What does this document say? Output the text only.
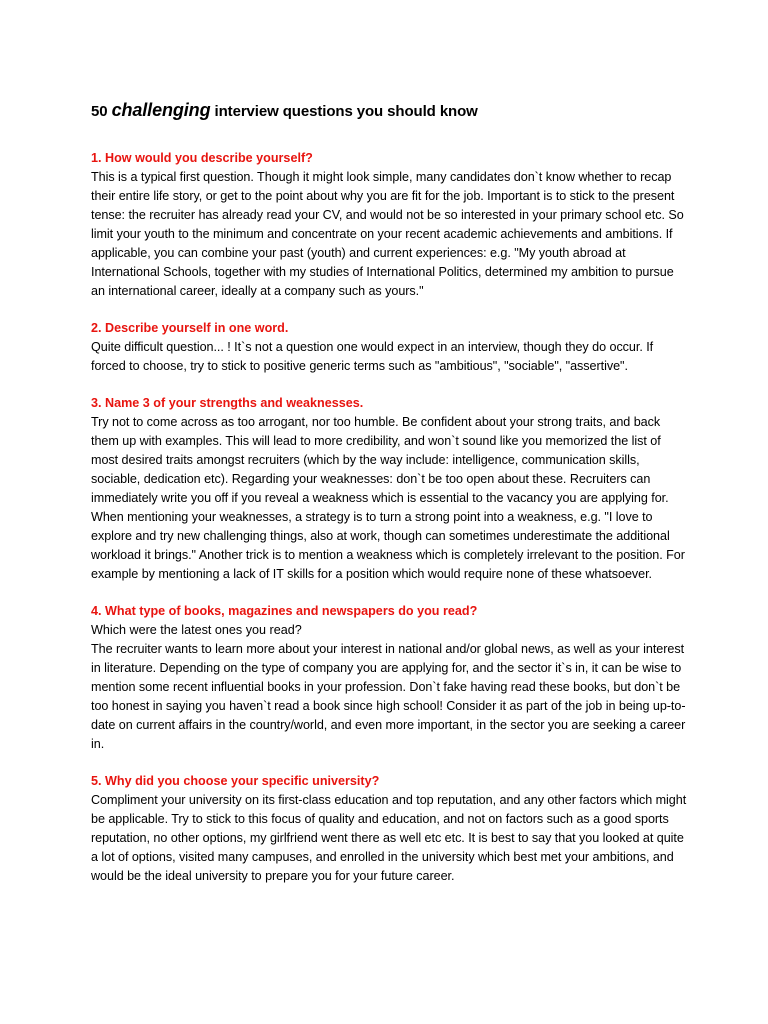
50 challenging interview questions you should know

1. How would you describe yourself?

This is a typical first question. Though it might look simple, many candidates don`t know whether to recap their entire life story, or get to the point about why you are fit for the job. Important is to stick to the present tense: the recruiter has already read your CV, and would not be so interested in your primary school etc. So limit your youth to the minimum and concentrate on your recent academic achievements and ambitions. If applicable, you can combine your past (youth) and current experiences: e.g. "My youth abroad at International Schools, together with my studies of International Politics, determined my ambition to pursue an international career, ideally at a company such as yours."

2. Describe yourself in one word.

Quite difficult question... ! It`s not a question one would expect in an interview, though they do occur. If forced to choose, try to stick to positive generic terms such as "ambitious", "sociable", "assertive".

3. Name 3 of your strengths and weaknesses.

Try not to come across as too arrogant, nor too humble. Be confident about your strong traits, and back them up with examples. This will lead to more credibility, and won`t sound like you memorized the list of most desired traits amongst recruiters (which by the way include: intelligence, communication skills, sociable, dedication etc). Regarding your weaknesses: don`t be too open about these. Recruiters can immediately write you off if you reveal a weakness which is essential to the vacancy you are applying for. When mentioning your weaknesses, a strategy is to turn a strong point into a weakness, e.g. "I love to explore and try new challenging things, also at work, though can sometimes underestimate the additional workload it brings." Another trick is to mention a weakness which is completely irrelevant to the position. For example by mentioning a lack of IT skills for a position which would require none of these whatsoever.

4. What type of books, magazines and newspapers do you read?

Which were the latest ones you read?

The recruiter wants to learn more about your interest in national and/or global news, as well as your interest in literature. Depending on the type of company you are applying for, and the sector it`s in, it can be wise to mention some recent influential books in your profession. Don`t fake having read these books, but don`t be too honest in saying you haven`t read a book since high school! Consider it as part of the job in being up-to-date on current affairs in the country/world, and even more important, in the sector you are seeking a career in.

5. Why did you choose your specific university?

Compliment your university on its first-class education and top reputation, and any other factors which might be applicable. Try to stick to this focus of quality and education, and not on factors such as a good sports reputation, no other options, my girlfriend went there as well etc etc. It is best to say that you looked at quite a lot of options, visited many campuses, and enrolled in the university which best met your ambitions, and would be the ideal university to prepare you for your future career.
